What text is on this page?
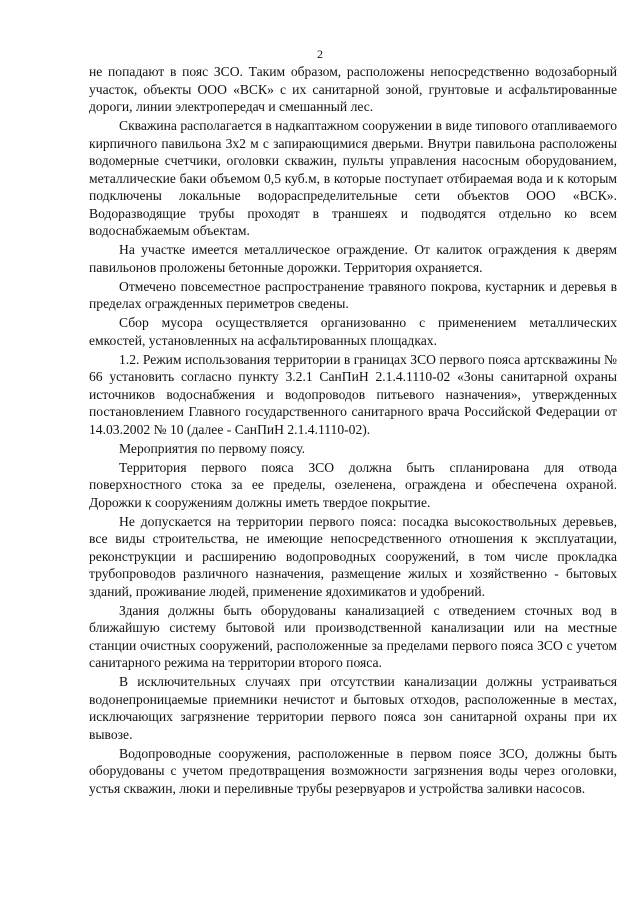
2

не попадают в пояс ЗСО. Таким образом, расположены непосредственно водозаборный участок, объекты ООО «ВСК» с их санитарной зоной, грунтовые и асфальтированные дороги, линии электропередач и смешанный лес.

Скважина располагается в надкаптажном сооружении в виде типового отапливаемого кирпичного павильона 3х2 м с запирающимися дверьми. Внутри павильона расположены водомерные счетчики, оголовки скважин, пульты управления насосным оборудованием, металлические баки объемом 0,5 куб.м, в которые поступает отбираемая вода и к которым подключены локальные водораспределительные сети объектов ООО «ВСК». Водоразводящие трубы проходят в траншеях и подводятся отдельно ко всем водоснабжаемым объектам.

На участке имеется металлическое ограждение. От калиток ограждения к дверям павильонов проложены бетонные дорожки. Территория охраняется.

Отмечено повсеместное распространение травяного покрова, кустарник и деревья в пределах огражденных периметров сведены.

Сбор мусора осуществляется организованно с применением металлических емкостей, установленных на асфальтированных площадках.

1.2. Режим использования территории в границах ЗСО первого пояса артскважины № 66 установить согласно пункту 3.2.1 СанПиН 2.1.4.1110-02 «Зоны санитарной охраны источников водоснабжения и водопроводов питьевого назначения», утвержденных постановлением Главного государственного санитарного врача Российской Федерации от 14.03.2002 № 10 (далее - СанПиН 2.1.4.1110-02).

Мероприятия по первому поясу.

Территория первого пояса ЗСО должна быть спланирована для отвода поверхностного стока за ее пределы, озеленена, ограждена и обеспечена охраной. Дорожки к сооружениям должны иметь твердое покрытие.

Не допускается на территории первого пояса: посадка высокоствольных деревьев, все виды строительства, не имеющие непосредственного отношения к эксплуатации, реконструкции и расширению водопроводных сооружений, в том числе прокладка трубопроводов различного назначения, размещение жилых и хозяйственно - бытовых зданий, проживание людей, применение ядохимикатов и удобрений.

Здания должны быть оборудованы канализацией с отведением сточных вод в ближайшую систему бытовой или производственной канализации или на местные станции очистных сооружений, расположенные за пределами первого пояса ЗСО с учетом санитарного режима на территории второго пояса.

В исключительных случаях при отсутствии канализации должны устраиваться водонепроницаемые приемники нечистот и бытовых отходов, расположенные в местах, исключающих загрязнение территории первого пояса зон санитарной охраны при их вывозе.

Водопроводные сооружения, расположенные в первом поясе ЗСО, должны быть оборудованы с учетом предотвращения возможности загрязнения воды через оголовки, устья скважин, люки и переливные трубы резервуаров и устройства заливки насосов.
